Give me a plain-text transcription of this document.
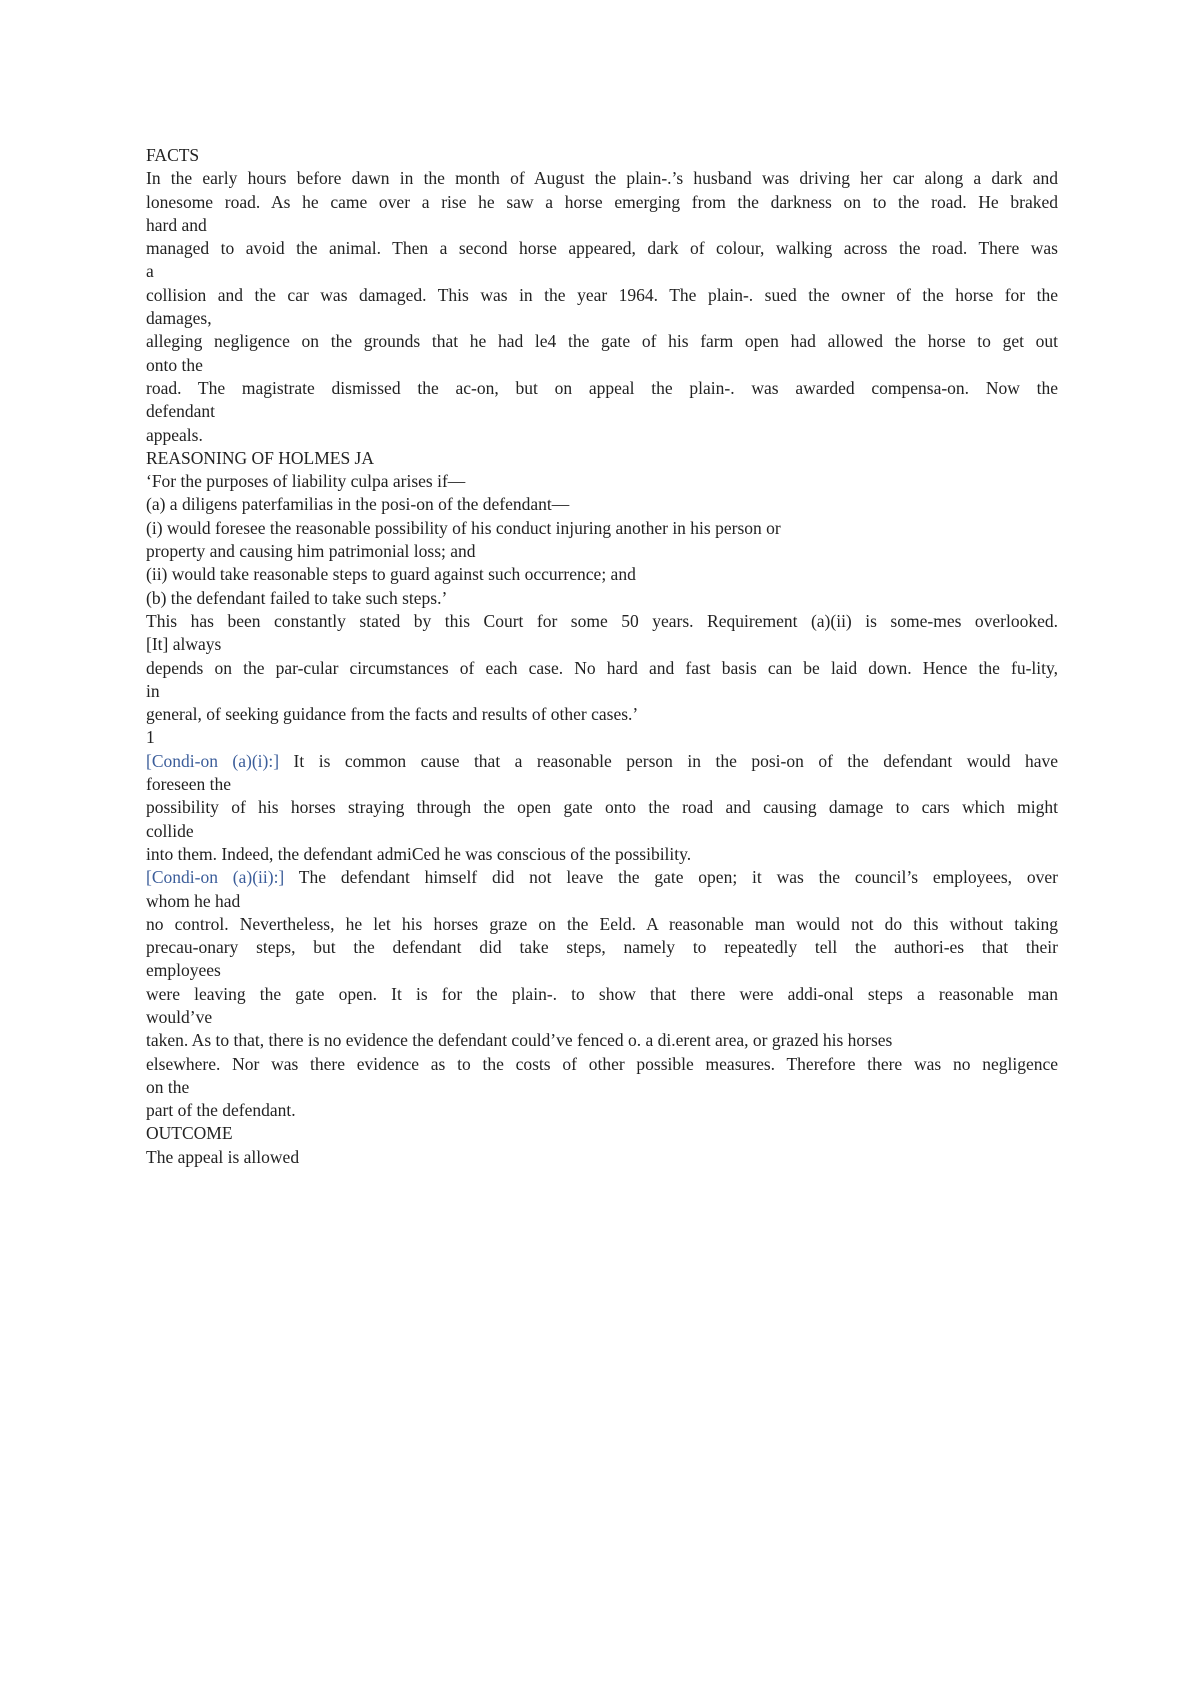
FACTS
In the early hours before dawn in the month of August the plain-.’s husband was driving her car along a dark and
lonesome road. As he came over a rise he saw a horse emerging from the darkness on to the road. He braked
hard and
managed to avoid the animal. Then a second horse appeared, dark of colour, walking across the road. There was
a
collision and the car was damaged. This was in the year 1964. The plain-. sued the owner of the horse for the
damages,
alleging negligence on the grounds that he had le4 the gate of his farm open had allowed the horse to get out
onto the
road. The magistrate dismissed the ac-on, but on appeal the plain-. was awarded compensa-on. Now the
defendant
appeals.
REASONING OF HOLMES JA
‘For the purposes of liability culpa arises if—
(a) a diligens paterfamilias in the posi-on of the defendant—
(i) would foresee the reasonable possibility of his conduct injuring another in his person or
property and causing him patrimonial loss; and
(ii) would take reasonable steps to guard against such occurrence; and
(b) the defendant failed to take such steps.’
This has been constantly stated by this Court for some 50 years. Requirement (a)(ii) is some-mes overlooked.
[It] always
depends on the par-cular circumstances of each case. No hard and fast basis can be laid down. Hence the fu-lity,
in
general, of seeking guidance from the facts and results of other cases.’
1
[Condi-on (a)(i):] It is common cause that a reasonable person in the posi-on of the defendant would have
foreseen the
possibility of his horses straying through the open gate onto the road and causing damage to cars which might
collide
into them. Indeed, the defendant admiCed he was conscious of the possibility.
[Condi-on (a)(ii):] The defendant himself did not leave the gate open; it was the council’s employees, over
whom he had
no control. Nevertheless, he let his horses graze on the Eeld. A reasonable man would not do this without taking
precau-onary steps, but the defendant did take steps, namely to repeatedly tell the authori-es that their
employees
were leaving the gate open. It is for the plain-. to show that there were addi-onal steps a reasonable man
would’ve
taken. As to that, there is no evidence the defendant could’ve fenced o. a di.erent area, or grazed his horses
elsewhere. Nor was there evidence as to the costs of other possible measures. Therefore there was no negligence
on the
part of the defendant.
OUTCOME
The appeal is allowed
